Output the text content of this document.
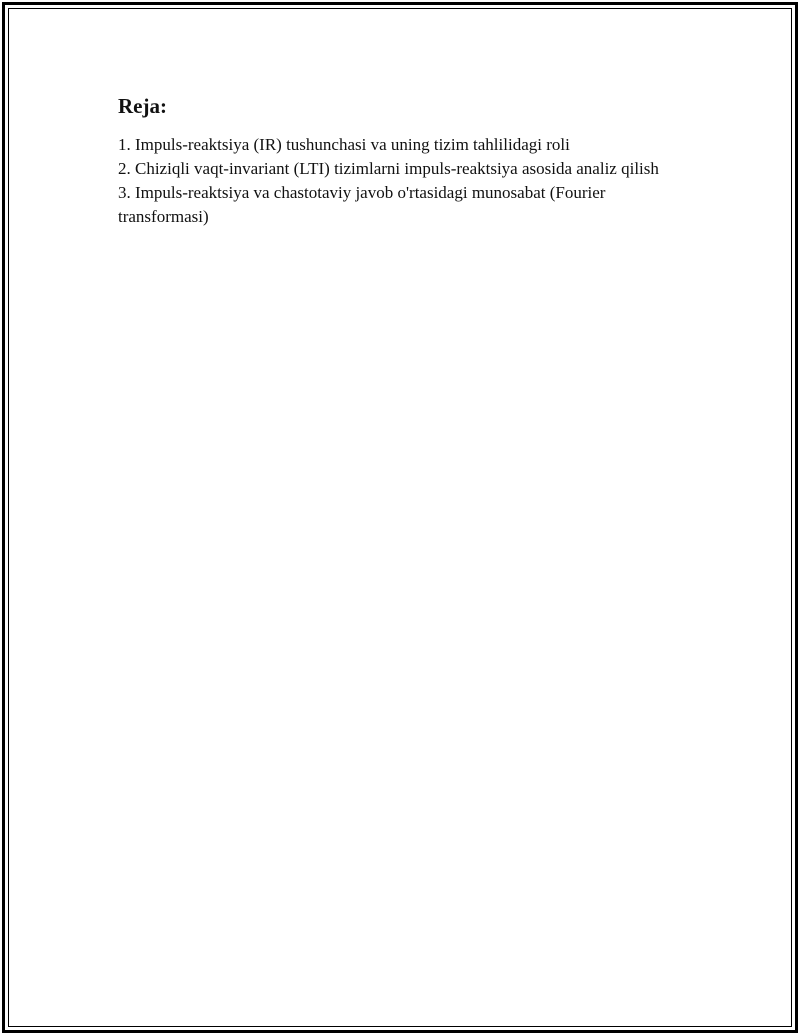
Reja:
1. Impuls-reaktsiya (IR) tushunchasi va uning tizim tahlilidagi roli
2. Chiziqli vaqt-invariant (LTI) tizimlarni impuls-reaktsiya asosida analiz qilish
3. Impuls-reaktsiya va chastotaviy javob o'rtasidagi munosabat (Fourier transformasi)
